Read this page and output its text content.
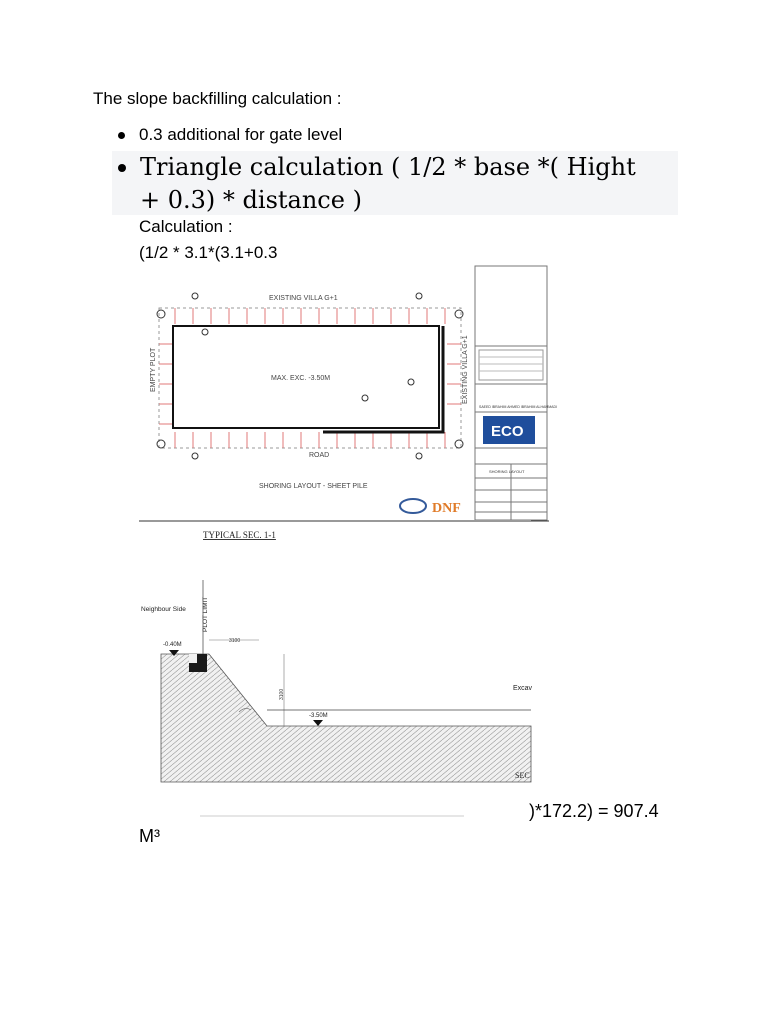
The slope backfilling calculation :
0.3 additional for gate level
Triangle calculation ( 1/2 * base *( Hight + 0.3) * distance )
Calculation :
(1/2 * 3.1*(3.1+0.3
EXISTING VILLA G+1
EMPTY PLOT	EXISTING VILLA G+1
MAX. EXC. -3.50M
ROAD
SHORING LAYOUT - SHEET PILE
DNF
ECO
SAEED IBRAHIM AHMED IBRAHIM ALHAMMADI
SHORING LAYOUT
TYPICAL SEC. 1-1
Neighbour Side PLOT LIMIT
3100
-0.40M
3100
-3.50M
Excav
SEC
)*172.2) = 907.4
M³
